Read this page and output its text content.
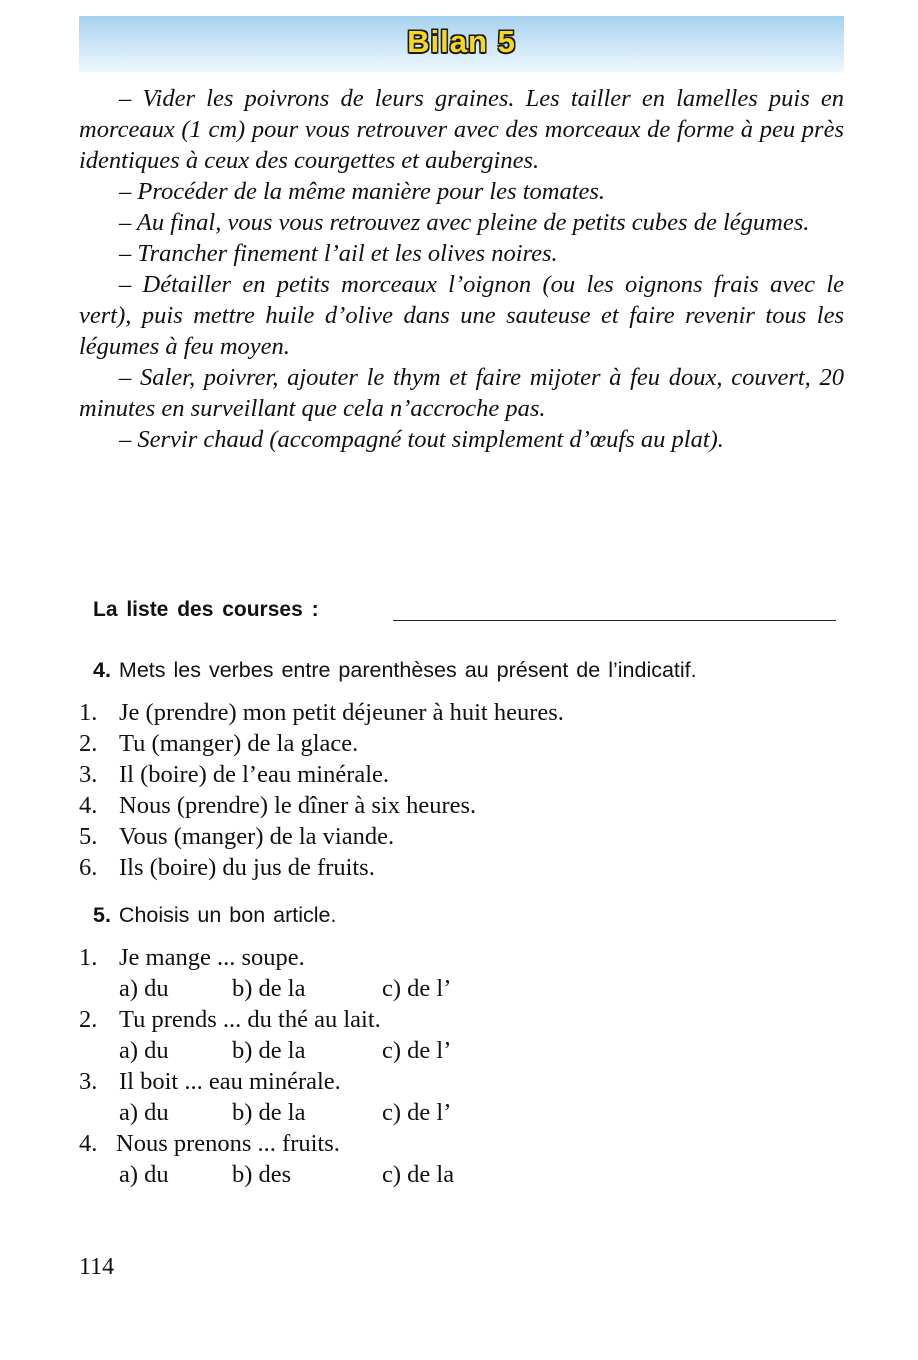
Bilan 5

– Vider les poivrons de leurs graines. Les tailler en lamelles puis en morceaux (1 cm) pour vous retrouver avec des morceaux de forme à peu près identiques à ceux des courgettes et aubergines.

– Procéder de la même manière pour les tomates.

– Au final, vous vous retrouvez avec pleine de petits cubes de légumes.

– Trancher finement l’ail et les olives noires.

– Détailler en petits morceaux l’oignon (ou les oignons frais avec le vert), puis mettre huile d’olive dans une sauteuse et faire revenir tous les légumes à feu moyen.

– Saler, poivrer, ajouter le thym et faire mijoter à feu doux, couvert, 20 minutes en surveillant que cela n’accroche pas.

– Servir chaud (accompagné tout simplement d’œufs au plat).

La liste des courses :
4. Mets les verbes entre parenthèses au présent de l’indicatif.
1. Je (prendre) mon petit déjeuner à huit heures.
2. Tu (manger) de la glace.
3. Il (boire) de l’eau minérale.
4. Nous (prendre) le dîner à six heures.
5. Vous (manger) de la viande.
6. Ils (boire) du jus de fruits.
5. Choisis un bon article.
1. Je mange ... soupe.
a) du	b) de la	c) de l’
2. Tu prends ... du thé au lait.
a) du	b) de la	c) de l’
3. Il boit ... eau minérale.
a) du	b) de la	c) de l’
4. Nous prenons ... fruits.
a) du	b) des	c) de la
114
